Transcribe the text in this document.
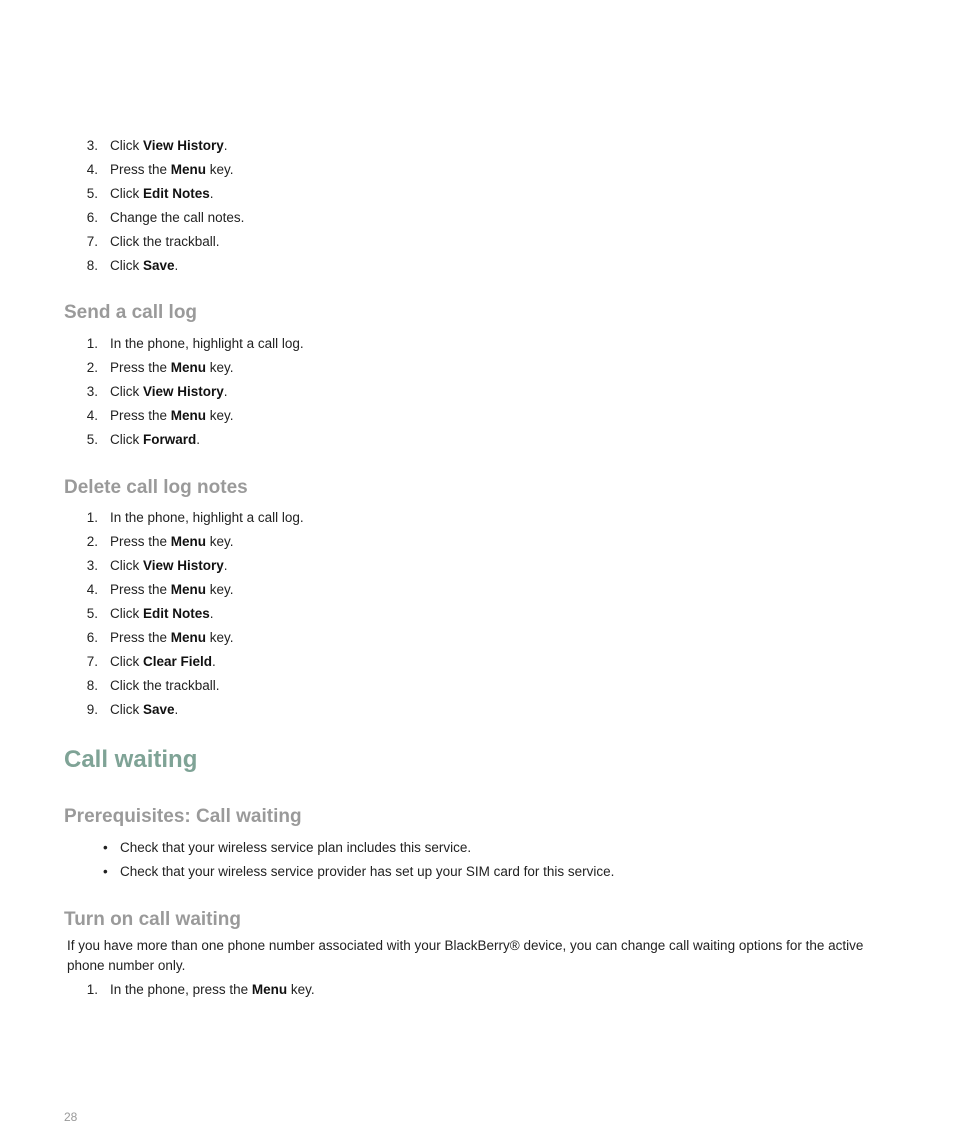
3. Click View History.
4. Press the Menu key.
5. Click Edit Notes.
6. Change the call notes.
7. Click the trackball.
8. Click Save.
Send a call log
1. In the phone, highlight a call log.
2. Press the Menu key.
3. Click View History.
4. Press the Menu key.
5. Click Forward.
Delete call log notes
1. In the phone, highlight a call log.
2. Press the Menu key.
3. Click View History.
4. Press the Menu key.
5. Click Edit Notes.
6. Press the Menu key.
7. Click Clear Field.
8. Click the trackball.
9. Click Save.
Call waiting
Prerequisites: Call waiting
• Check that your wireless service plan includes this service.
• Check that your wireless service provider has set up your SIM card for this service.
Turn on call waiting

If you have more than one phone number associated with your BlackBerry® device, you can change call waiting options for the active phone number only.

1. In the phone, press the Menu key.
28
